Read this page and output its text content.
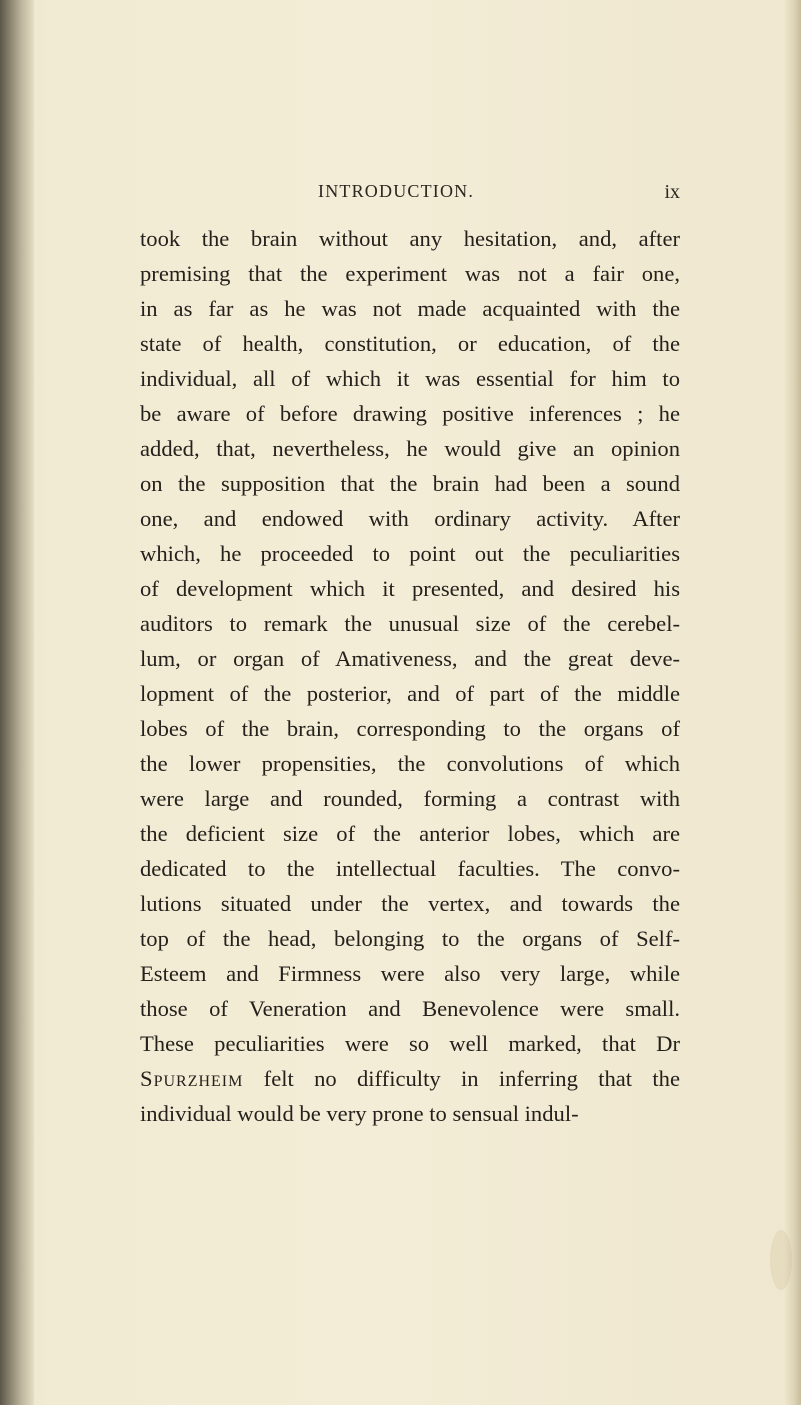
INTRODUCTION.	ix
took the brain without any hesitation, and, after
premising that the experiment was not a fair one,
in as far as he was not made acquainted with the
state of health, constitution, or education, of the
individual, all of which it was essential for him to
be aware of before drawing positive inferences ; he
added, that, nevertheless, he would give an opinion
on the supposition that the brain had been a sound
one, and endowed with ordinary activity. After
which, he proceeded to point out the peculiarities
of development which it presented, and desired his
auditors to remark the unusual size of the cerebel-
lum, or organ of Amativeness, and the great deve-
lopment of the posterior, and of part of the middle
lobes of the brain, corresponding to the organs of
the lower propensities, the convolutions of which
were large and rounded, forming a contrast with
the deficient size of the anterior lobes, which are
dedicated to the intellectual faculties. The convo-
lutions situated under the vertex, and towards the
top of the head, belonging to the organs of Self-
Esteem and Firmness were also very large, while
those of Veneration and Benevolence were small.
These peculiarities were so well marked, that Dr
Spurzheim felt no difficulty in inferring that the
individual would be very prone to sensual indul-
